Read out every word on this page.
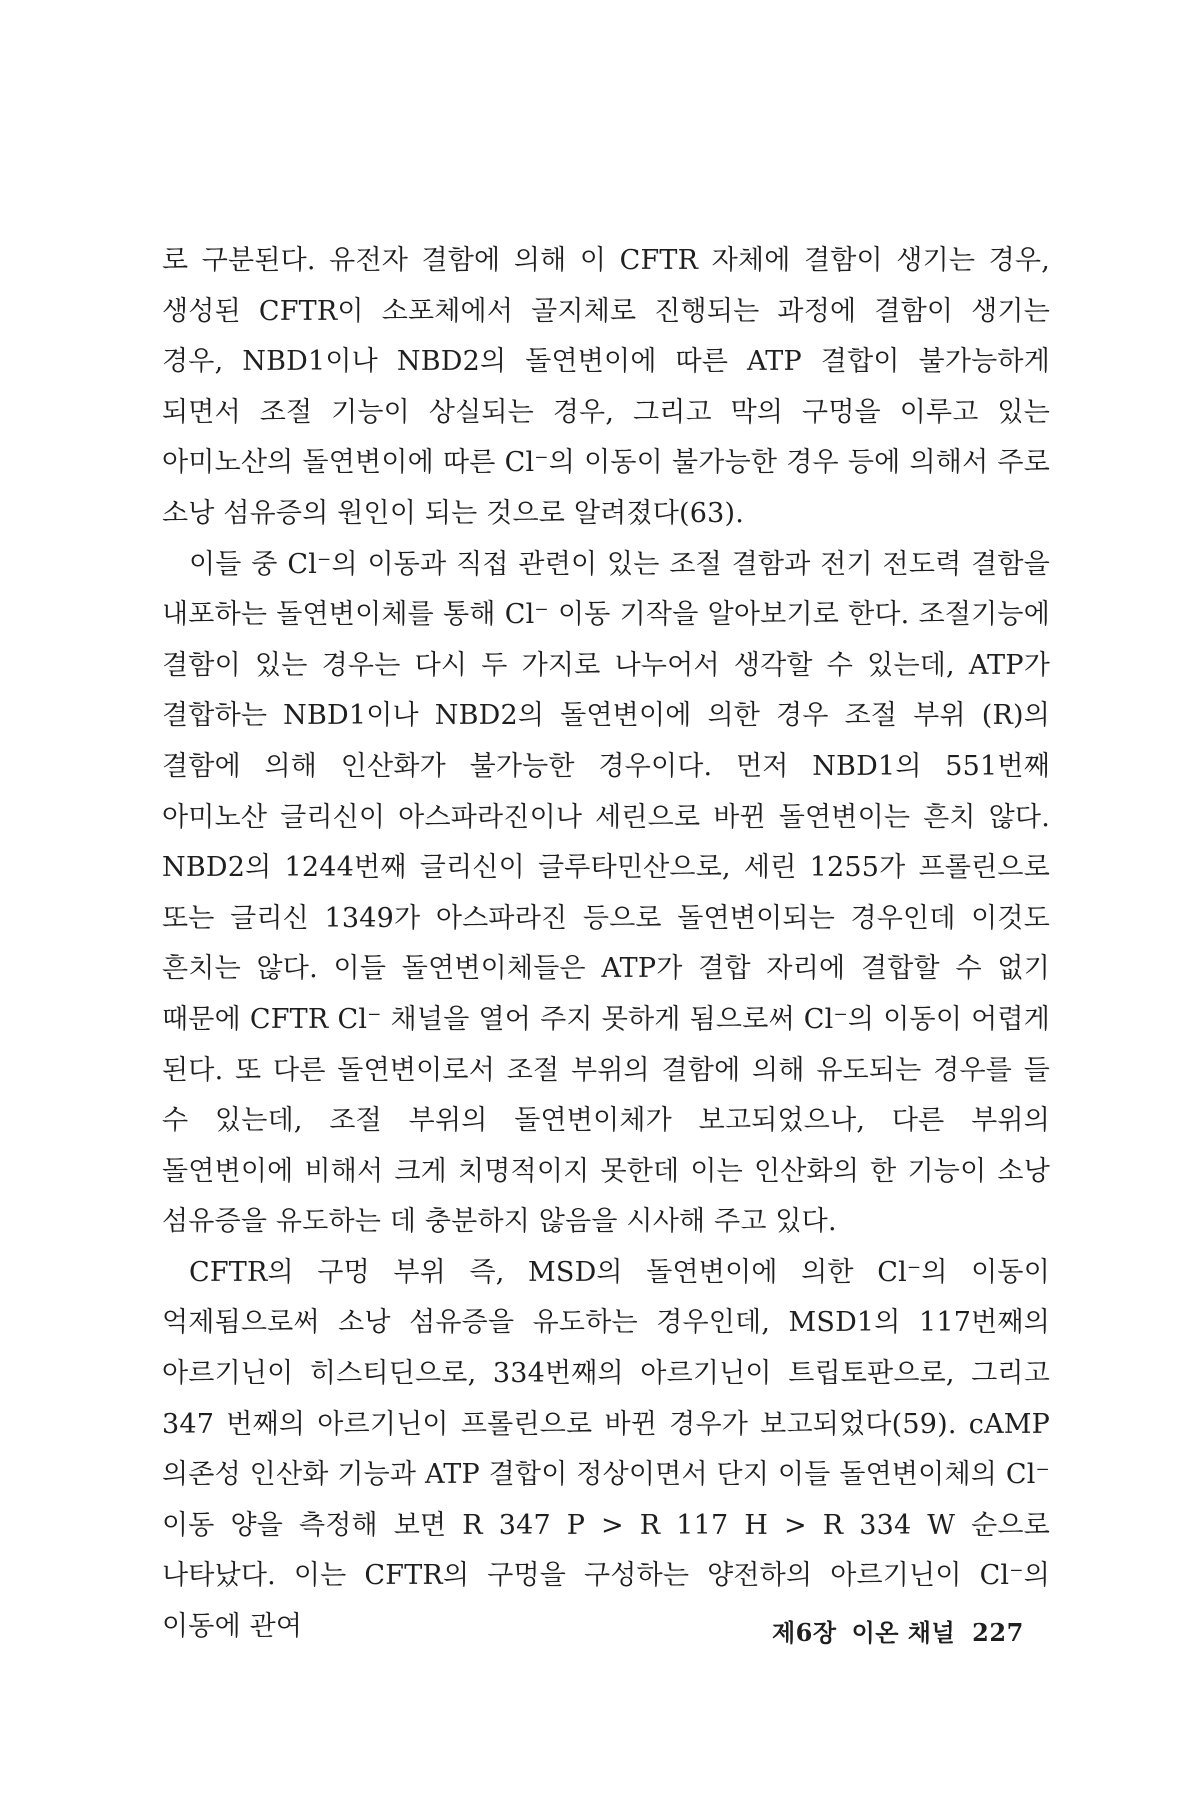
로 구분된다. 유전자 결함에 의해 이 CFTR 자체에 결함이 생기는 경우, 생성된 CFTR이 소포체에서 골지체로 진행되는 과정에 결함이 생기는 경우, NBD1이나 NBD2의 돌연변이에 따른 ATP 결합이 불가능하게 되면서 조절 기능이 상실되는 경우, 그리고 막의 구멍을 이루고 있는 아미노산의 돌연변이에 따른 Cl⁻의 이동이 불가능한 경우 등에 의해서 주로 소낭 섬유증의 원인이 되는 것으로 알려졌다(63).

이들 중 Cl⁻의 이동과 직접 관련이 있는 조절 결함과 전기 전도력 결함을 내포하는 돌연변이체를 통해 Cl⁻ 이동 기작을 알아보기로 한다. 조절기능에 결함이 있는 경우는 다시 두 가지로 나누어서 생각할 수 있는데, ATP가 결합하는 NBD1이나 NBD2의 돌연변이에 의한 경우 조절 부위 (R)의 결함에 의해 인산화가 불가능한 경우이다. 먼저 NBD1의 551번째 아미노산 글리신이 아스파라진이나 세린으로 바뀐 돌연변이는 흔치 않다. NBD2의 1244번째 글리신이 글루타민산으로, 세린 1255가 프롤린으로 또는 글리신 1349가 아스파라진 등으로 돌연변이되는 경우인데 이것도 흔치는 않다. 이들 돌연변이체들은 ATP가 결합 자리에 결합할 수 없기 때문에 CFTR Cl⁻ 채널을 열어 주지 못하게 됨으로써 Cl⁻의 이동이 어렵게 된다. 또 다른 돌연변이로서 조절 부위의 결함에 의해 유도되는 경우를 들 수 있는데, 조절 부위의 돌연변이체가 보고되었으나, 다른 부위의 돌연변이에 비해서 크게 치명적이지 못한데 이는 인산화의 한 기능이 소낭 섬유증을 유도하는 데 충분하지 않음을 시사해 주고 있다.

CFTR의 구멍 부위 즉, MSD의 돌연변이에 의한 Cl⁻의 이동이 억제됨으로써 소낭 섬유증을 유도하는 경우인데, MSD1의 117번째의 아르기닌이 히스티딘으로, 334번째의 아르기닌이 트립토판으로, 그리고 347 번째의 아르기닌이 프롤린으로 바뀐 경우가 보고되었다(59). cAMP 의존성 인산화 기능과 ATP 결합이 정상이면서 단지 이들 돌연변이체의 Cl⁻ 이동 양을 측정해 보면 R 347 P > R 117 H > R 334 W 순으로 나타났다. 이는 CFTR의 구멍을 구성하는 양전하의 아르기닌이 Cl⁻의 이동에 관여	제6장 이온 채널 227
